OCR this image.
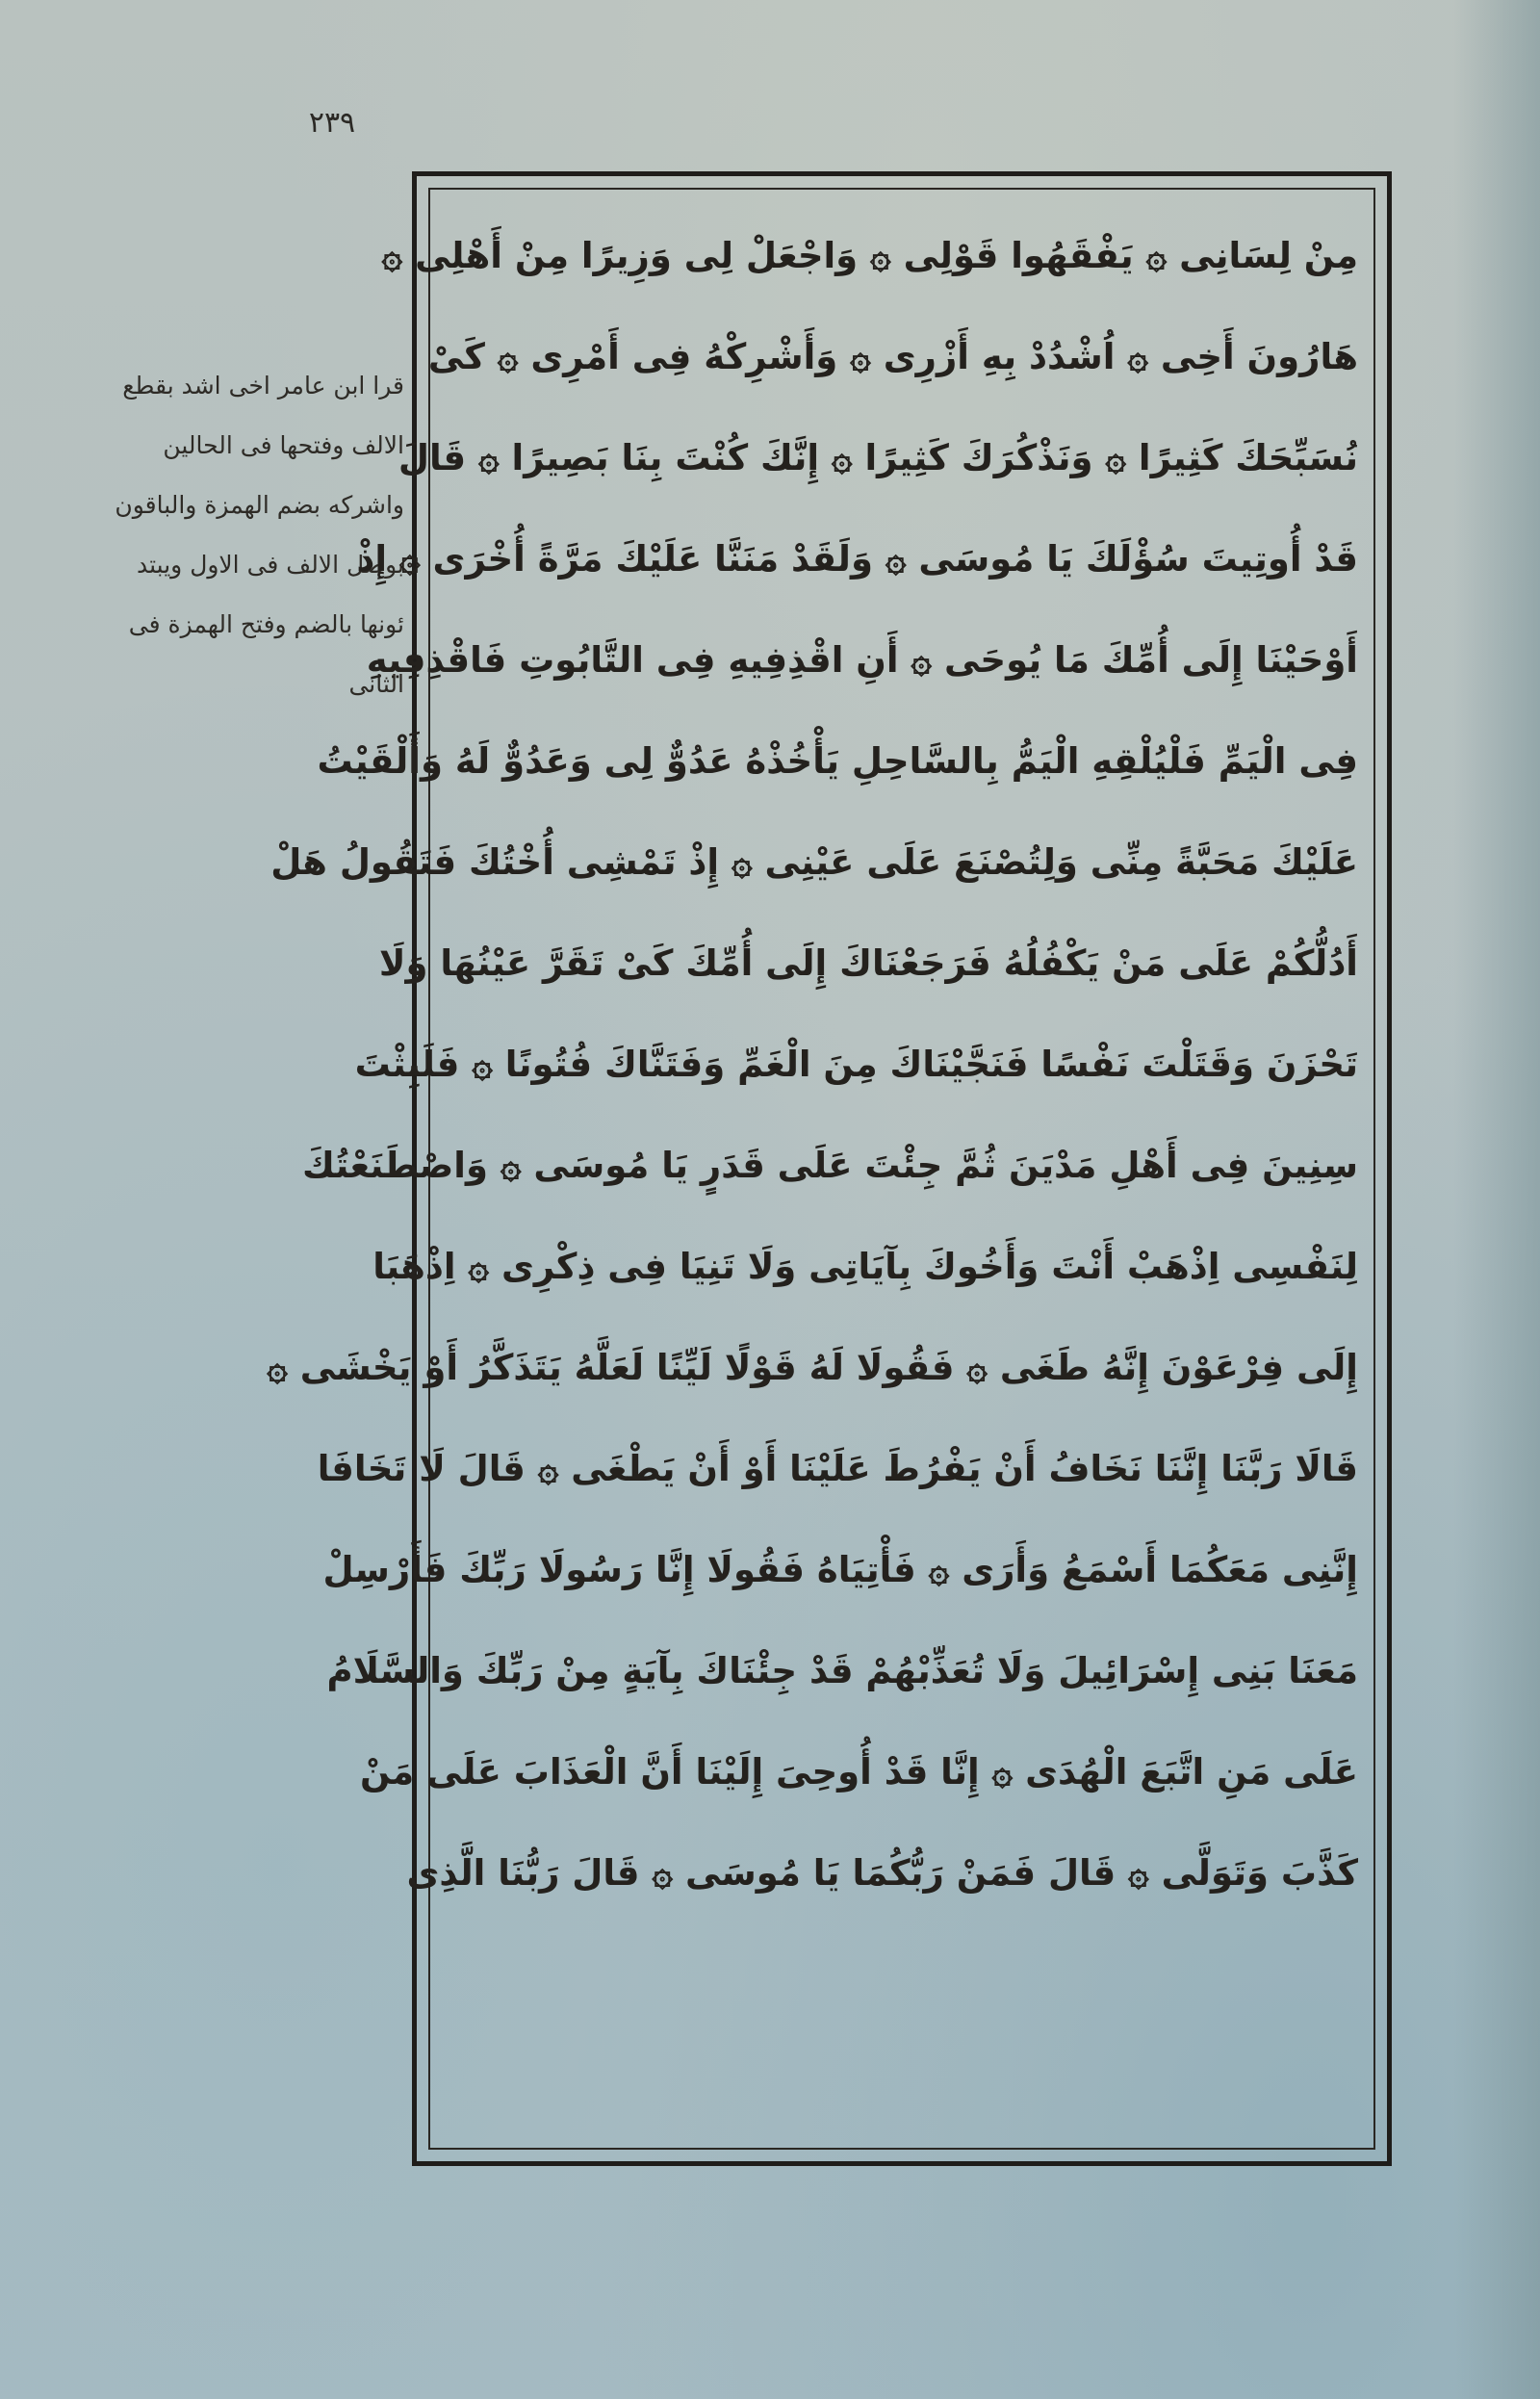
٢٣٩
قرا ابن عامر اخى اشد بقطع
الالف وفتحها فى الحالين
واشركه بضم الهمزة والباقون
بوصل الالف فى الاول ويبتد
ئونها بالضم وفتح الهمزة فى
الثانى
مِنْ لِسَانِى ۞ يَفْقَهُوا قَوْلِى ۞ وَاجْعَلْ لِى وَزِيرًا مِنْ أَهْلِى ۞
هَارُونَ أَخِى ۞ اُشْدُدْ بِهِ أَزْرِى ۞ وَأَشْرِكْهُ فِى أَمْرِى ۞ كَىْ
نُسَبِّحَكَ كَثِيرًا ۞ وَنَذْكُرَكَ كَثِيرًا ۞ إِنَّكَ كُنْتَ بِنَا بَصِيرًا ۞ قَالَ
قَدْ أُوتِيتَ سُؤْلَكَ يَا مُوسَى ۞ وَلَقَدْ مَنَنَّا عَلَيْكَ مَرَّةً أُخْرَى ۞ إِذْ
أَوْحَيْنَا إِلَى أُمِّكَ مَا يُوحَى ۞ أَنِ اقْذِفِيهِ فِى التَّابُوتِ فَاقْذِفِيهِ
فِى الْيَمِّ فَلْيُلْقِهِ الْيَمُّ بِالسَّاحِلِ يَأْخُذْهُ عَدُوٌّ لِى وَعَدُوٌّ لَهُ وَأَلْقَيْتُ
عَلَيْكَ مَحَبَّةً مِنِّى وَلِتُصْنَعَ عَلَى عَيْنِى ۞ إِذْ تَمْشِى أُخْتُكَ فَتَقُولُ هَلْ
أَدُلُّكُمْ عَلَى مَنْ يَكْفُلُهُ فَرَجَعْنَاكَ إِلَى أُمِّكَ كَىْ تَقَرَّ عَيْنُهَا وَلَا
تَحْزَنَ وَقَتَلْتَ نَفْسًا فَنَجَّيْنَاكَ مِنَ الْغَمِّ وَفَتَنَّاكَ فُتُونًا ۞ فَلَبِثْتَ
سِنِينَ فِى أَهْلِ مَدْيَنَ ثُمَّ جِئْتَ عَلَى قَدَرٍ يَا مُوسَى ۞ وَاصْطَنَعْتُكَ
لِنَفْسِى اِذْهَبْ أَنْتَ وَأَخُوكَ بِآيَاتِى وَلَا تَنِيَا فِى ذِكْرِى ۞ اِذْهَبَا
إِلَى فِرْعَوْنَ إِنَّهُ طَغَى ۞ فَقُولَا لَهُ قَوْلًا لَيِّنًا لَعَلَّهُ يَتَذَكَّرُ أَوْ يَخْشَى ۞
قَالَا رَبَّنَا إِنَّنَا نَخَافُ أَنْ يَفْرُطَ عَلَيْنَا أَوْ أَنْ يَطْغَى ۞ قَالَ لَا تَخَافَا
إِنَّنِى مَعَكُمَا أَسْمَعُ وَأَرَى ۞ فَأْتِيَاهُ فَقُولَا إِنَّا رَسُولَا رَبِّكَ فَأَرْسِلْ
مَعَنَا بَنِى إِسْرَائِيلَ وَلَا تُعَذِّبْهُمْ قَدْ جِئْنَاكَ بِآيَةٍ مِنْ رَبِّكَ وَالسَّلَامُ
عَلَى مَنِ اتَّبَعَ الْهُدَى ۞ إِنَّا قَدْ أُوحِىَ إِلَيْنَا أَنَّ الْعَذَابَ عَلَى مَنْ
كَذَّبَ وَتَوَلَّى ۞ قَالَ فَمَنْ رَبُّكُمَا يَا مُوسَى ۞ قَالَ رَبُّنَا الَّذِى
